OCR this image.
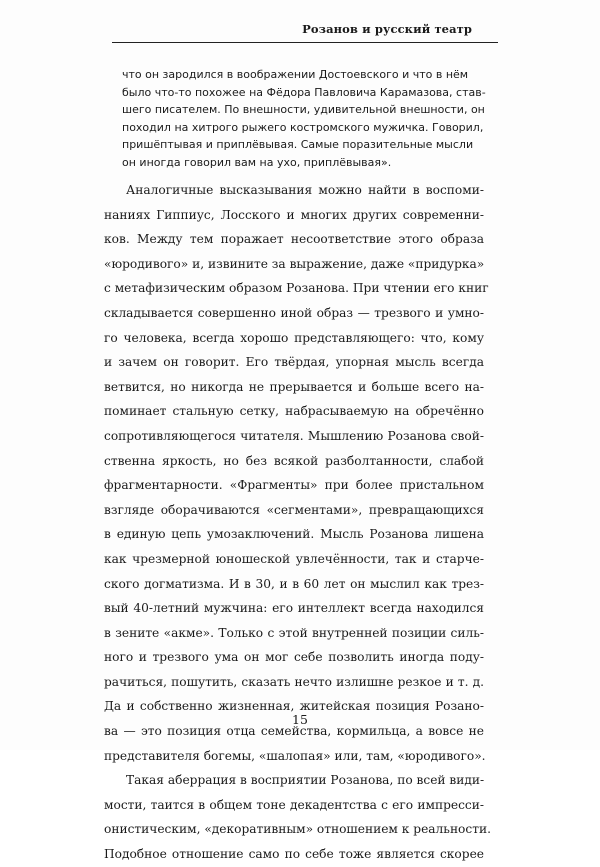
Розанов и русский театр
что он зародился в воображении Достоевского и что в нём
было что-то похожее на Фёдора Павловича Карамазова, став-
шего писателем. По внешности, удивительной внешности, он
походил на хитрого рыжего костромского мужичка. Говорил,
пришёптывая и приплёвывая. Самые поразительные мысли
он иногда говорил вам на ухо, приплёвывая».
Аналогичные высказывания можно найти в воспоми-
наниях Гиппиус, Лосского и многих других современни-
ков. Между тем поражает несоответствие этого образа
«юродивого» и, извините за выражение, даже «придурка»
с метафизическим образом Розанова. При чтении его книг
складывается совершенно иной образ — трезвого и умно-
го человека, всегда хорошо представляющего: что, кому
и зачем он говорит. Его твёрдая, упорная мысль всегда
ветвится, но никогда не прерывается и больше всего на-
поминает стальную сетку, набрасываемую на обречённо
сопротивляющегося читателя. Мышлению Розанова свой-
ственна яркость, но без всякой разболтанности, слабой
фрагментарности. «Фрагменты» при более пристальном
взгляде оборачиваются «сегментами», превращающихся
в единую цепь умозаключений. Мысль Розанова лишена
как чрезмерной юношеской увлечённости, так и старче-
ского догматизма. И в 30, и в 60 лет он мыслил как трез-
вый 40-летний мужчина: его интеллект всегда находился
в зените «акме». Только с этой внутренней позиции силь-
ного и трезвого ума он мог себе позволить иногда поду-
рачиться, пошутить, сказать нечто излишне резкое и т. д.
Да и собственно жизненная, житейская позиция Розано-
ва — это позиция отца семейства, кормильца, а вовсе не
представителя богемы, «шалопая» или, там, «юродивого».
Такая аберрация в восприятии Розанова, по всей види-
мости, таится в общем тоне декадентства с его импресси-
онистическим, «декоративным» отношением к реальности.
Подобное отношение само по себе тоже является скорее
15
